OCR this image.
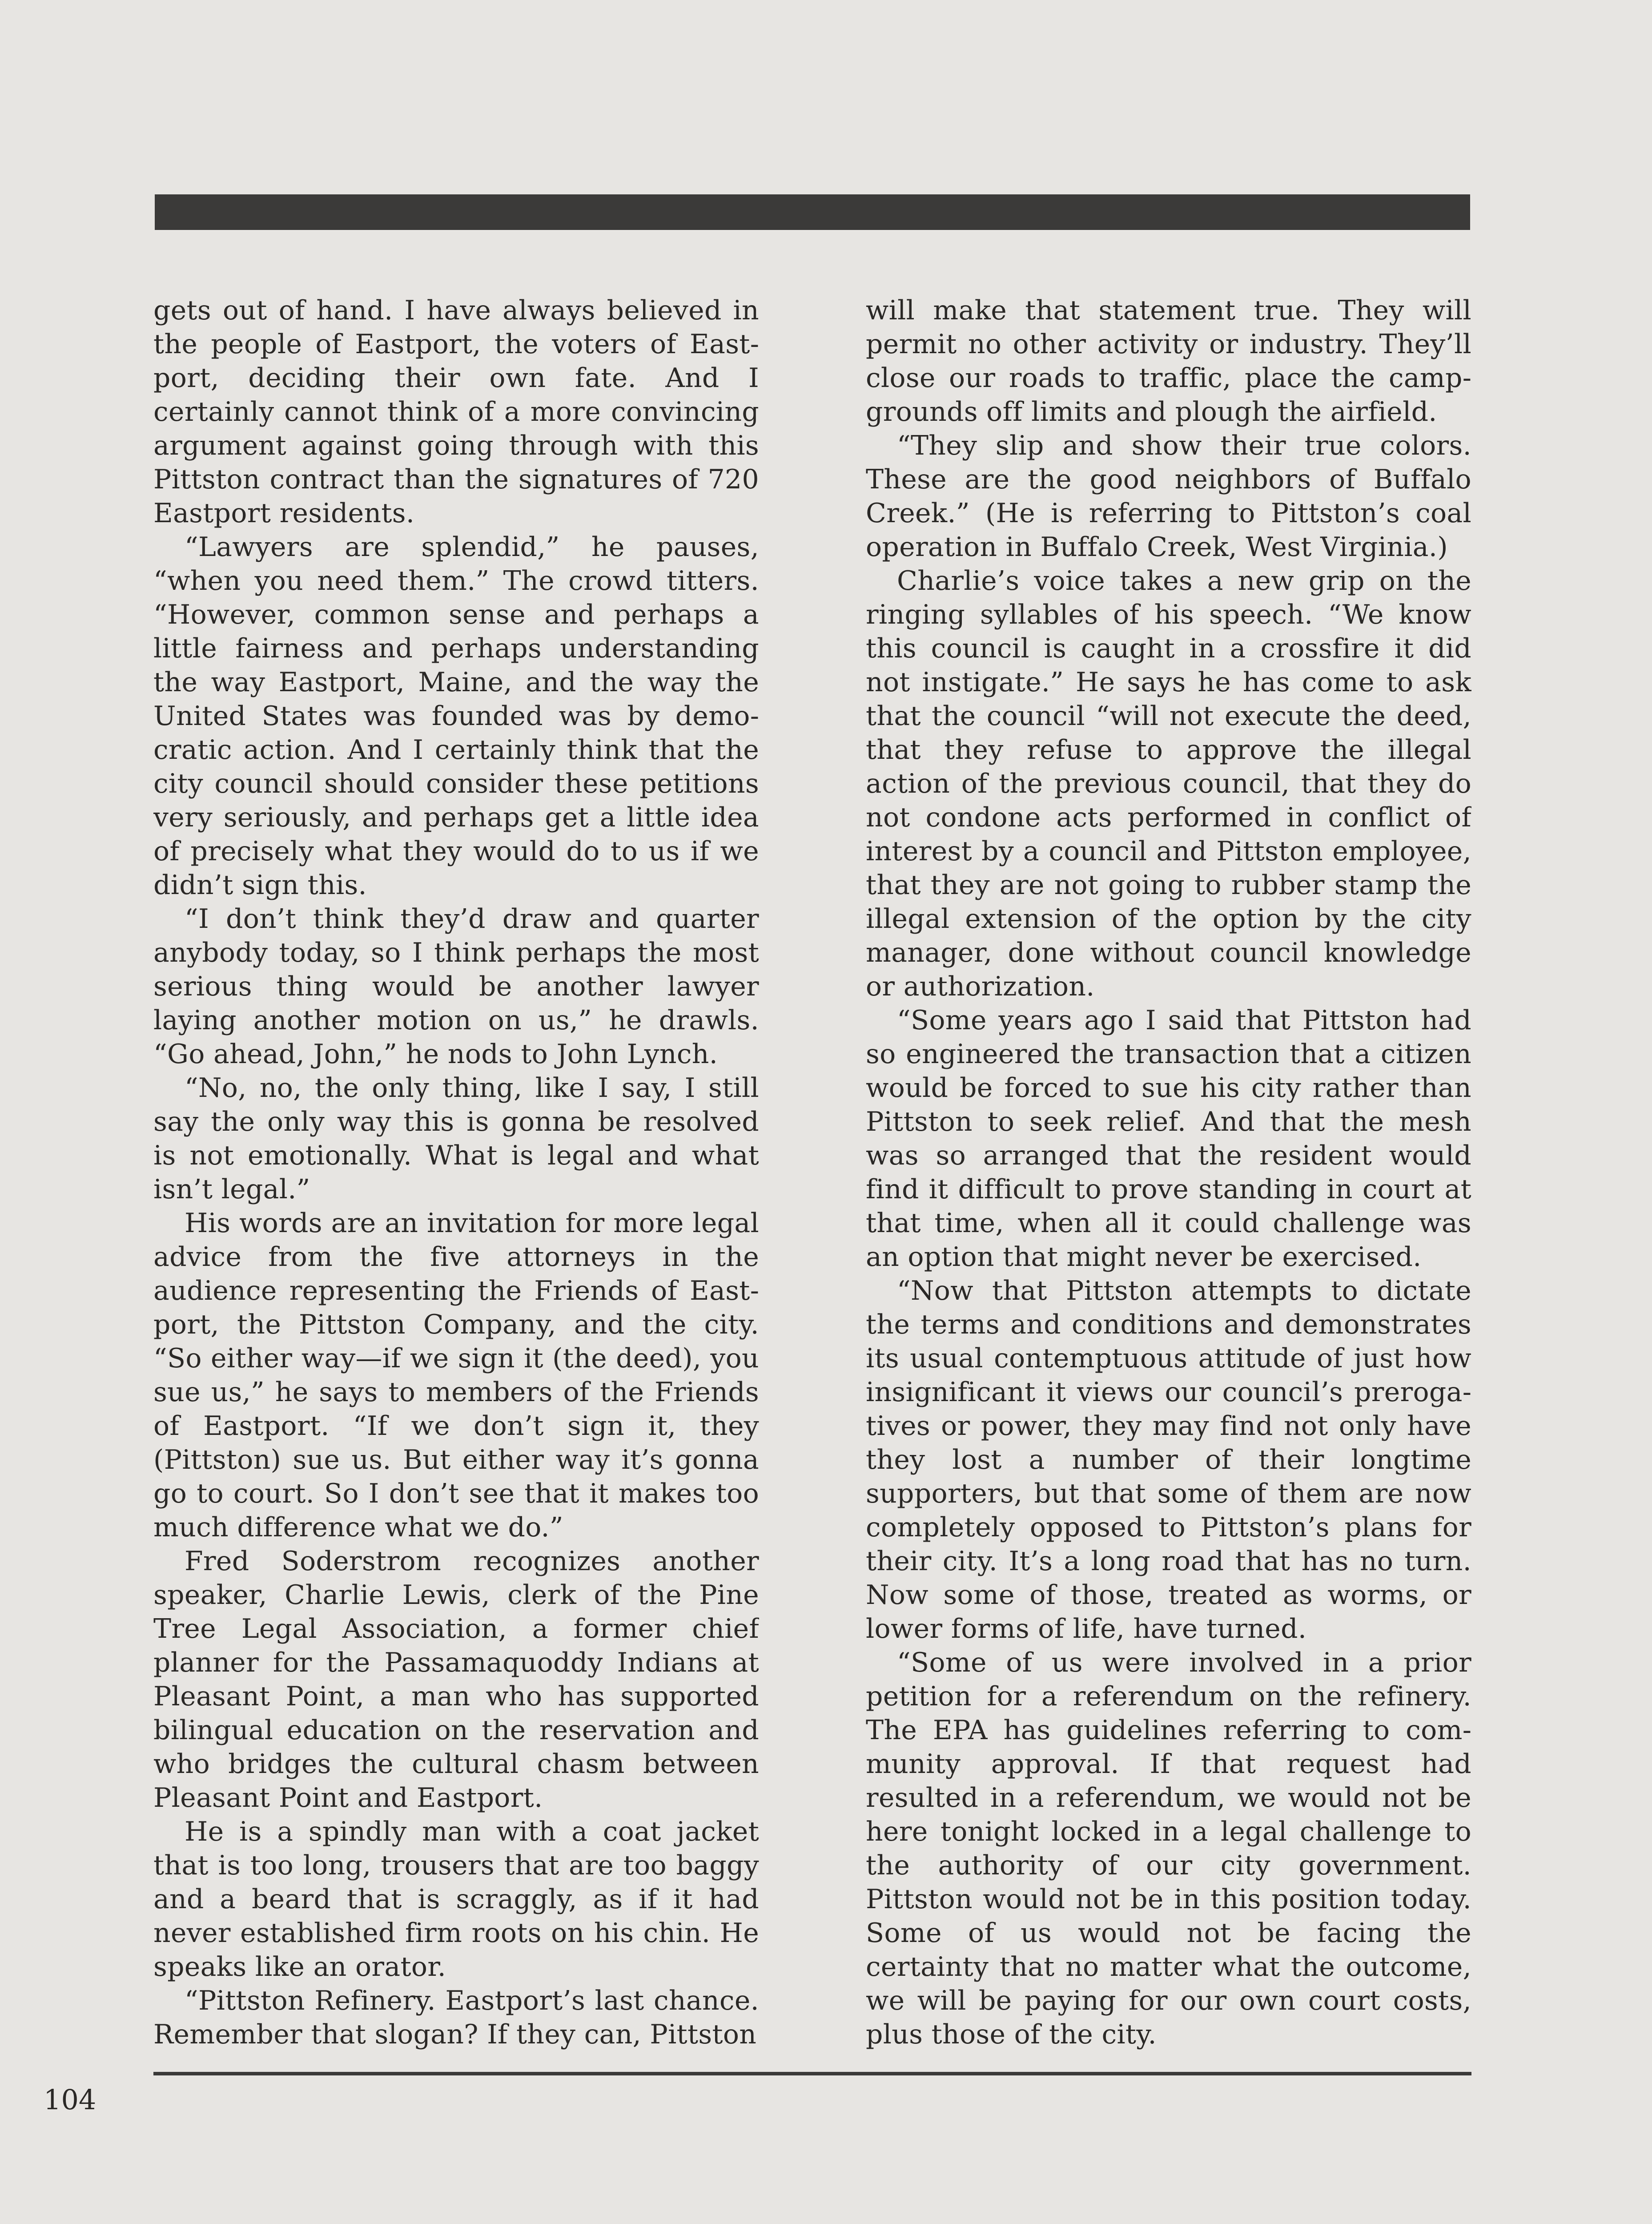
gets out of hand. I have always believed in the people of Eastport, the voters of Eastport, deciding their own fate. And I certainly cannot think of a more convincing argument against going through with this Pittston contract than the signatures of 720 Eastport residents.

“Lawyers are splendid,” he pauses, “when you need them.” The crowd titters. “However, common sense and perhaps a little fairness and perhaps understanding the way Eastport, Maine, and the way the United States was founded was by democratic action. And I certainly think that the city council should consider these petitions very seriously, and perhaps get a little idea of precisely what they would do to us if we didn’t sign this.

“I don’t think they’d draw and quarter anybody today, so I think perhaps the most serious thing would be another lawyer laying another motion on us,” he drawls. “Go ahead, John,” he nods to John Lynch.

“No, no, the only thing, like I say, I still say the only way this is gonna be resolved is not emotionally. What is legal and what isn’t legal.”

His words are an invitation for more legal advice from the five attorneys in the audience representing the Friends of Eastport, the Pittston Company, and the city. “So either way—if we sign it (the deed), you sue us,” he says to members of the Friends of Eastport. “If we don’t sign it, they (Pittston) sue us. But either way it’s gonna go to court. So I don’t see that it makes too much difference what we do.”

Fred Soderstrom recognizes another speaker, Charlie Lewis, clerk of the Pine Tree Legal Association, a former chief planner for the Passamaquoddy Indians at Pleasant Point, a man who has supported bilingual education on the reservation and who bridges the cultural chasm between Pleasant Point and Eastport.

He is a spindly man with a coat jacket that is too long, trousers that are too baggy and a beard that is scraggly, as if it had never established firm roots on his chin. He speaks like an orator.

“Pittston Refinery. Eastport’s last chance. Remember that slogan? If they can, Pittston

will make that statement true. They will permit no other activity or industry. They’ll close our roads to traffic, place the campgrounds off limits and plough the airfield.

“They slip and show their true colors. These are the good neighbors of Buffalo Creek.” (He is referring to Pittston’s coal operation in Buffalo Creek, West Virginia.)

Charlie’s voice takes a new grip on the ringing syllables of his speech. “We know this council is caught in a crossfire it did not instigate.” He says he has come to ask that the council “will not execute the deed, that they refuse to approve the illegal action of the previous council, that they do not condone acts performed in conflict of interest by a council and Pittston employee, that they are not going to rubber stamp the illegal extension of the option by the city manager, done without council knowledge or authorization.

“Some years ago I said that Pittston had so engineered the transaction that a citizen would be forced to sue his city rather than Pittston to seek relief. And that the mesh was so arranged that the resident would find it difficult to prove standing in court at that time, when all it could challenge was an option that might never be exercised.

“Now that Pittston attempts to dictate the terms and conditions and demonstrates its usual contemptuous attitude of just how insignificant it views our council’s prerogatives or power, they may find not only have they lost a number of their longtime supporters, but that some of them are now completely opposed to Pittston’s plans for their city. It’s a long road that has no turn. Now some of those, treated as worms, or lower forms of life, have turned.

“Some of us were involved in a prior petition for a referendum on the refinery. The EPA has guidelines referring to community approval. If that request had resulted in a referendum, we would not be here tonight locked in a legal challenge to the authority of our city government. Pittston would not be in this position today. Some of us would not be facing the certainty that no matter what the outcome, we will be paying for our own court costs, plus those of the city.

104
